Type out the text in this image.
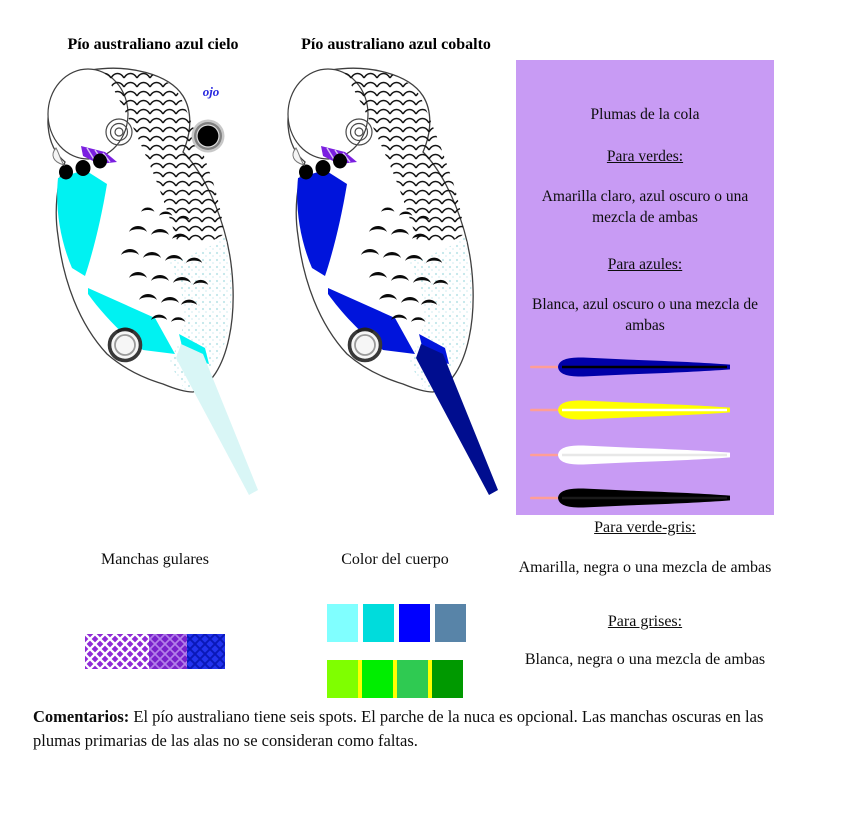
Pío australiano azul cielo	Pío australiano azul cobalto
ojo
Plumas de la cola
Para verdes:
Amarilla claro, azul oscuro o una mezcla de ambas
Para azules:
Blanca, azul oscuro o una mezcla de ambas
Para verde-gris:
Amarilla, negra o una mezcla de ambas
Para grises:
Blanca, negra o una mezcla de ambas
Manchas gulares	Color del cuerpo
Comentarios: El pío australiano tiene seis spots. El parche de la nuca es opcional. Las manchas oscuras en las plumas primarias de las alas no se consideran como faltas.
